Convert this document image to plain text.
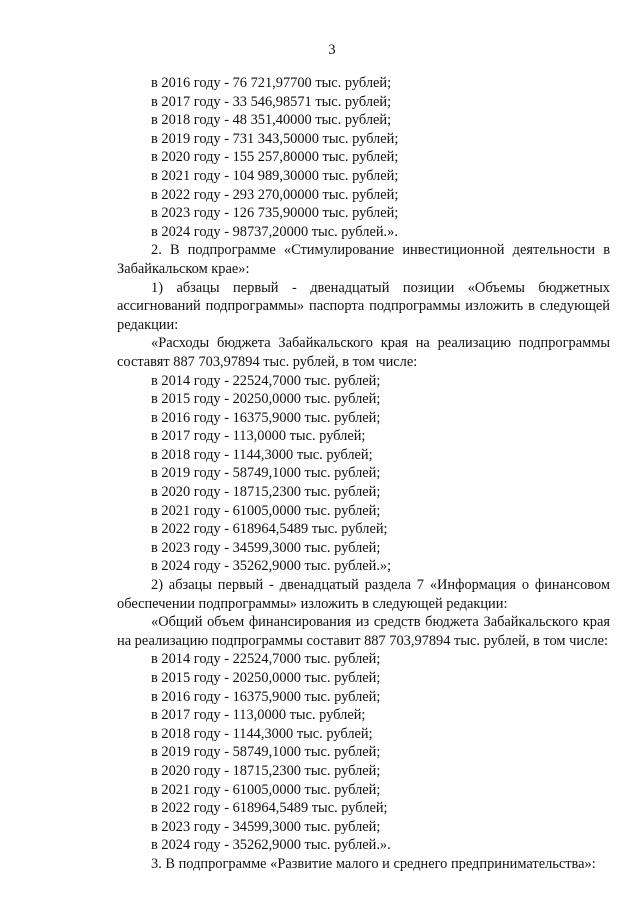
3
в 2016 году - 76 721,97700 тыс. рублей;
в 2017 году - 33 546,98571 тыс. рублей;
в 2018 году - 48 351,40000 тыс. рублей;
в 2019 году - 731 343,50000 тыс. рублей;
в 2020 году - 155 257,80000 тыс. рублей;
в 2021 году - 104 989,30000 тыс. рублей;
в 2022 году - 293 270,00000 тыс. рублей;
в 2023 году - 126 735,90000 тыс. рублей;
в 2024 году - 98737,20000 тыс. рублей.».
2. В подпрограмме «Стимулирование инвестиционной деятельности в Забайкальском крае»:
1) абзацы первый - двенадцатый позиции «Объемы бюджетных ассигнований подпрограммы» паспорта подпрограммы изложить в следующей редакции:
«Расходы бюджета Забайкальского края на реализацию подпрограммы составят 887 703,97894 тыс. рублей, в том числе:
в 2014 году - 22524,7000 тыс. рублей;
в 2015 году - 20250,0000 тыс. рублей;
в 2016 году - 16375,9000 тыс. рублей;
в 2017 году - 113,0000 тыс. рублей;
в 2018 году - 1144,3000 тыс. рублей;
в 2019 году - 58749,1000 тыс. рублей;
в 2020 году - 18715,2300 тыс. рублей;
в 2021 году - 61005,0000 тыс. рублей;
в 2022 году - 618964,5489 тыс. рублей;
в 2023 году - 34599,3000 тыс. рублей;
в 2024 году - 35262,9000 тыс. рублей.»;
2) абзацы первый - двенадцатый раздела 7 «Информация о финансовом обеспечении подпрограммы» изложить в следующей редакции:
«Общий объем финансирования из средств бюджета Забайкальского края на реализацию подпрограммы составит 887 703,97894 тыс. рублей, в том числе:
в 2014 году - 22524,7000 тыс. рублей;
в 2015 году - 20250,0000 тыс. рублей;
в 2016 году - 16375,9000 тыс. рублей;
в 2017 году - 113,0000 тыс. рублей;
в 2018 году - 1144,3000 тыс. рублей;
в 2019 году - 58749,1000 тыс. рублей;
в 2020 году - 18715,2300 тыс. рублей;
в 2021 году - 61005,0000 тыс. рублей;
в 2022 году - 618964,5489 тыс. рублей;
в 2023 году - 34599,3000 тыс. рублей;
в 2024 году - 35262,9000 тыс. рублей.».
3. В подпрограмме «Развитие малого и среднего предпринимательства»:
